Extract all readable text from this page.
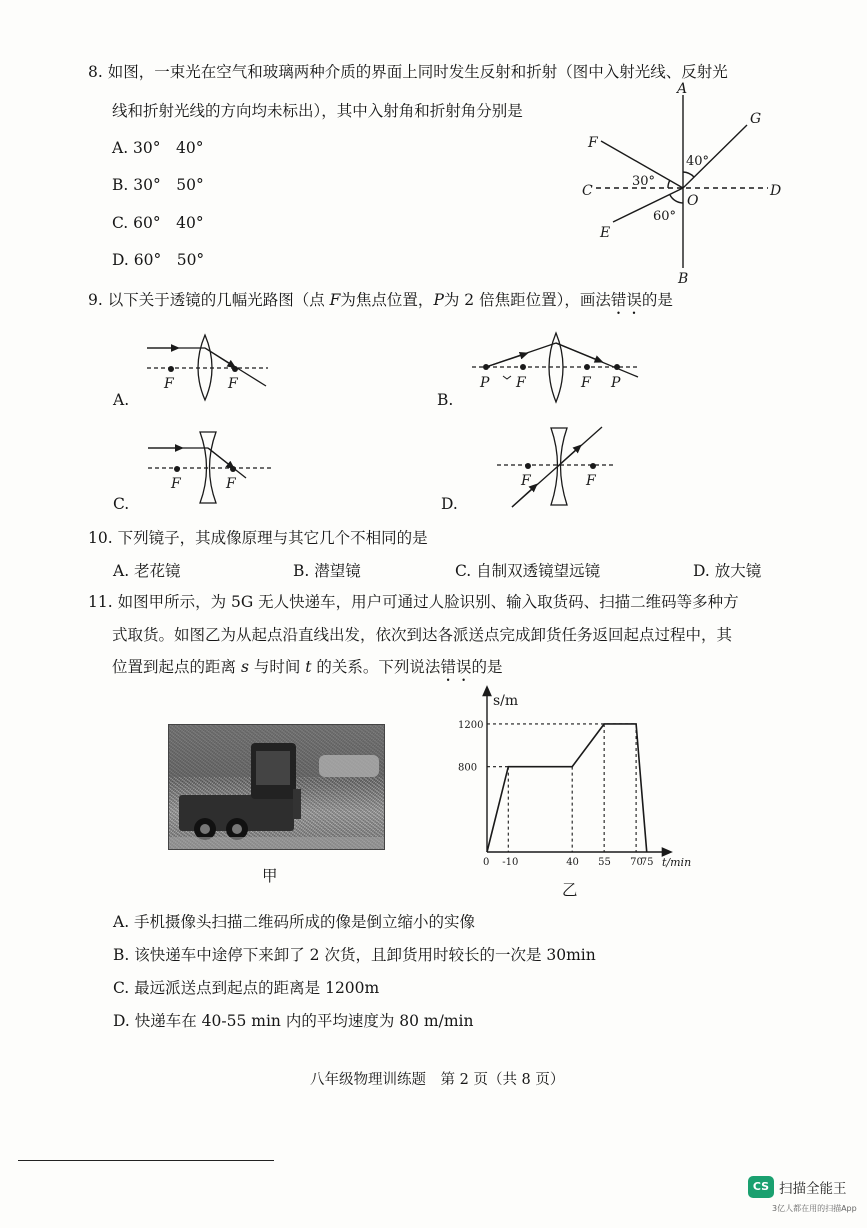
8. 如图，一束光在空气和玻璃两种介质的界面上同时发生反射和折射（图中入射光线、反射光
线和折射光线的方向均未标出），其中入射角和折射角分别是
A. 30°　40°
B. 30°　50°
C. 60°　40°
D. 60°　50°
A
B
C	D
E
F
G
O
30°
40°
60°
9. 以下关于透镜的几幅光路图（点 F为焦点位置，P为 2 倍焦距位置），画法错误的是
A.	B.
C.	D.
F	F	P F	F P
F	F	F	F
10. 下列镜子，其成像原理与其它几个不相同的是
A. 老花镜	B. 潜望镜	C. 自制双透镜望远镜	D. 放大镜
11. 如图甲所示，为 5G 无人快递车，用户可通过人脸识别、输入取货码、扫描二维码等多种方
式取货。如图乙为从起点沿直线出发，依次到达各派送点完成卸货任务返回起点过程中，其
位置到起点的距离 s 与时间 t 的关系。下列说法错误的是
甲
乙
0 -10	40 55 70
75
800
1200
s/m
t/min
A. 手机摄像头扫描二维码所成的像是倒立缩小的实像
B. 该快递车中途停下来卸了 2 次货，且卸货用时较长的一次是 30min
C. 最远派送点到起点的距离是 1200m
D. 快递车在 40-55 min 内的平均速度为 80 m/min
八年级物理训练题　第 2 页（共 8 页）
CS 扫描全能王
3亿人都在用的扫描App
